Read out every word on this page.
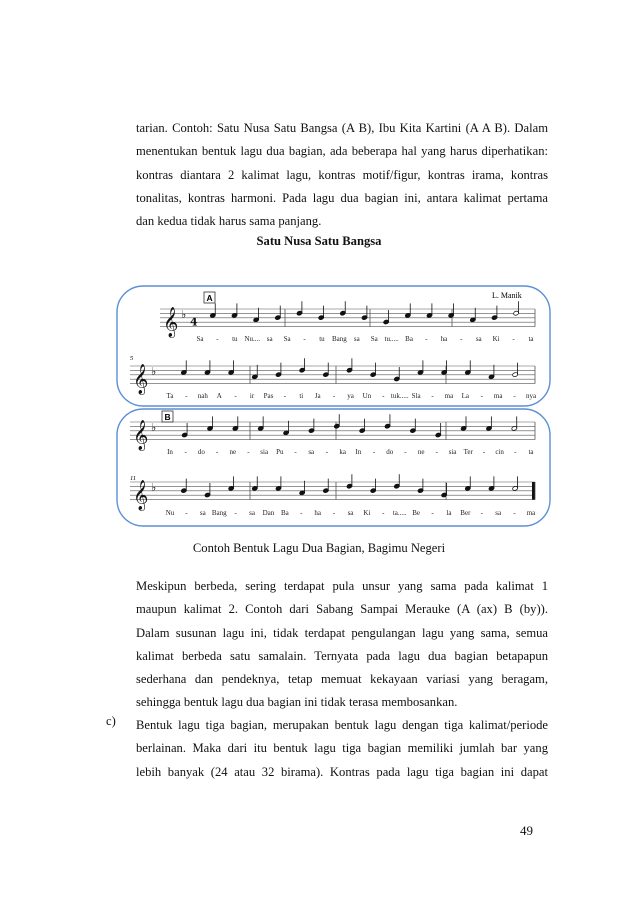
tarian. Contoh: Satu Nusa Satu Bangsa (A B), Ibu Kita Kartini (A A B). Dalam
menentukan bentuk lagu dua bagian, ada beberapa hal yang harus diperhatikan:
kontras diantara 2 kalimat lagu, kontras motif/figur, kontras irama, kontras
tonalitas, kontras harmoni. Pada lagu dua bagian ini, antara kalimat pertama
dan kedua tidak harus sama panjang.
Satu Nusa Satu Bangsa
𝄞 ♭
4
𝄞 ♭
𝄞 ♭
𝄞 ♭
Sa - tu Nu.... sa Sa - tu Bang sa Sa tu..... Ba - ha - sa Ki - ta
Ta - nah A - ir Pas - ti Ja - ya Un - tuk..... Sla - ma La - ma - nya
In - do - ne - sia Pu - sa - ka In - do - ne - sia Ter - cin - ta
Nu - sa Bang - sa Dan Ba - ha - sa Ki - ta..... Be - la Ber - sa - ma
A
B
L. Manik
5
11
Contoh Bentuk Lagu Dua Bagian, Bagimu Negeri
Meskipun berbeda, sering terdapat pula unsur yang sama pada kalimat 1
maupun kalimat 2. Contoh dari Sabang Sampai Merauke (A (ax) B (by)).
Dalam susunan lagu ini, tidak terdapat pengulangan lagu yang sama, semua
kalimat berbeda satu samalain. Ternyata pada lagu dua bagian betapapun
sederhana dan pendeknya, tetap memuat kekayaan variasi yang beragam,
sehingga bentuk lagu dua bagian ini tidak terasa membosankan.
c) Bentuk lagu tiga bagian, merupakan bentuk lagu dengan tiga kalimat/periode
berlainan. Maka dari itu bentuk lagu tiga bagian memiliki jumlah bar yang
lebih banyak (24 atau 32 birama). Kontras pada lagu tiga bagian ini dapat
49
